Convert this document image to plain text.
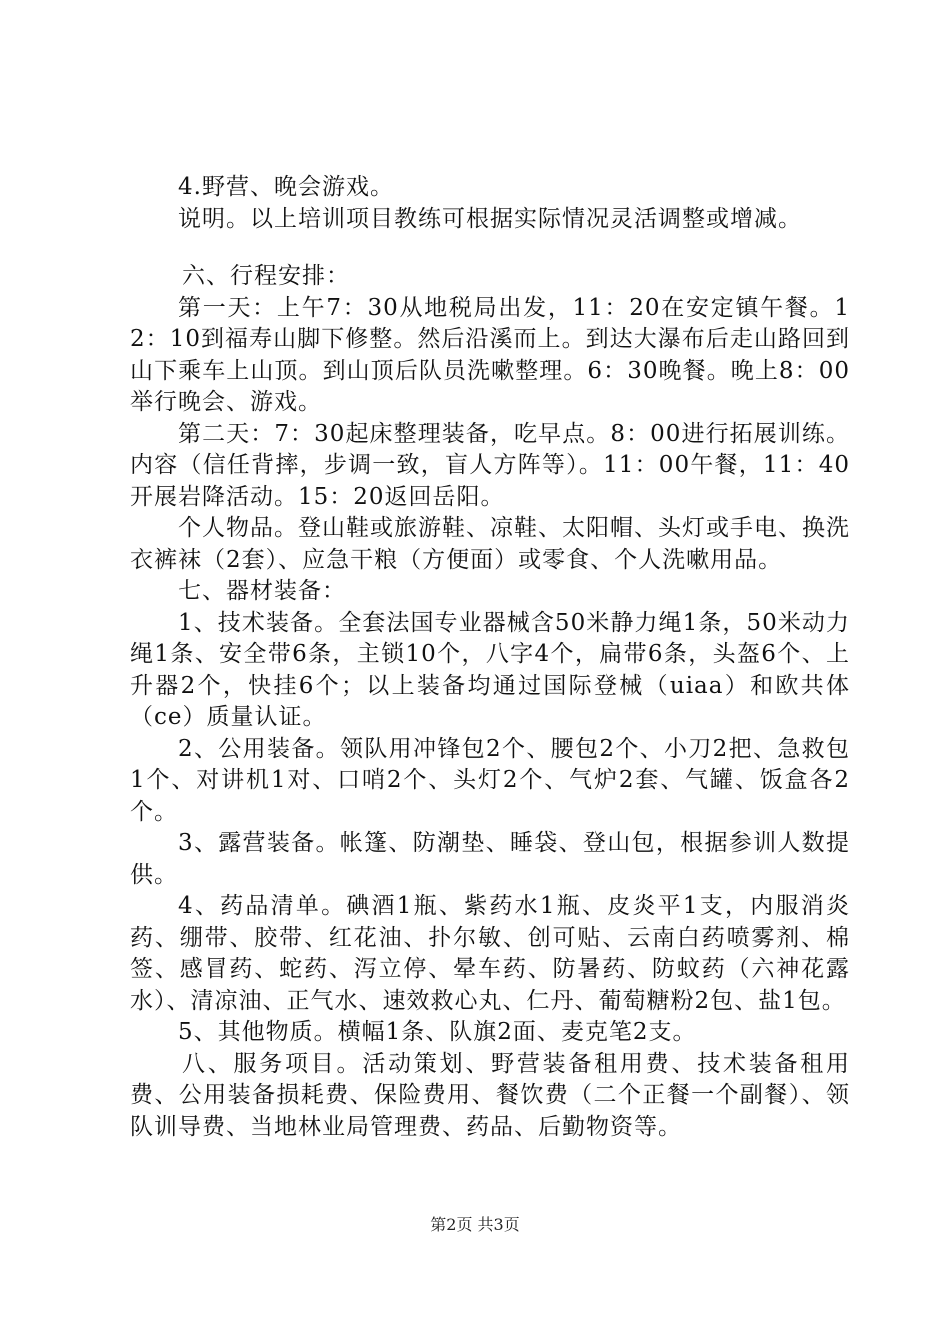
4.野营、晚会游戏。

说明。以上培训项目教练可根据实际情况灵活调整或增减。

六、行程安排：

第一天：上午7：30从地税局出发，11：20在安定镇午餐。12：10到福寿山脚下修整。然后沿溪而上。到达大瀑布后走山路回到山下乘车上山顶。到山顶后队员洗嗽整理。6：30晚餐。晚上8：00举行晚会、游戏。

第二天：7：30起床整理装备，吃早点。8：00进行拓展训练。内容（信任背摔，步调一致，盲人方阵等）。11：00午餐，11：40开展岩降活动。15：20返回岳阳。

个人物品。登山鞋或旅游鞋、凉鞋、太阳帽、头灯或手电、换洗衣裤袜（2套）、应急干粮（方便面）或零食、个人洗嗽用品。

七、器材装备：

1、技术装备。全套法国专业器械含50米静力绳1条，50米动力绳1条、安全带6条，主锁10个，八字4个，扁带6条，头盔6个、上升器2个，快挂6个；以上装备均通过国际登械（uiaa）和欧共体（ce）质量认证。

2、公用装备。领队用冲锋包2个、腰包2个、小刀2把、急救包1个、对讲机1对、口哨2个、头灯2个、气炉2套、气罐、饭盒各2个。

3、露营装备。帐篷、防潮垫、睡袋、登山包，根据参训人数提供。

4、药品清单。碘酒1瓶、紫药水1瓶、皮炎平1支，内服消炎药、绷带、胶带、红花油、扑尔敏、创可贴、云南白药喷雾剂、棉签、感冒药、蛇药、泻立停、晕车药、防暑药、防蚊药（六神花露水）、清凉油、正气水、速效救心丸、仁丹、葡萄糖粉2包、盐1包。

5、其他物质。横幅1条、队旗2面、麦克笔2支。

八、服务项目。活动策划、野营装备租用费、技术装备租用费、公用装备损耗费、保险费用、餐饮费（二个正餐一个副餐）、领队训导费、当地林业局管理费、药品、后勤物资等。

第2页 共3页
